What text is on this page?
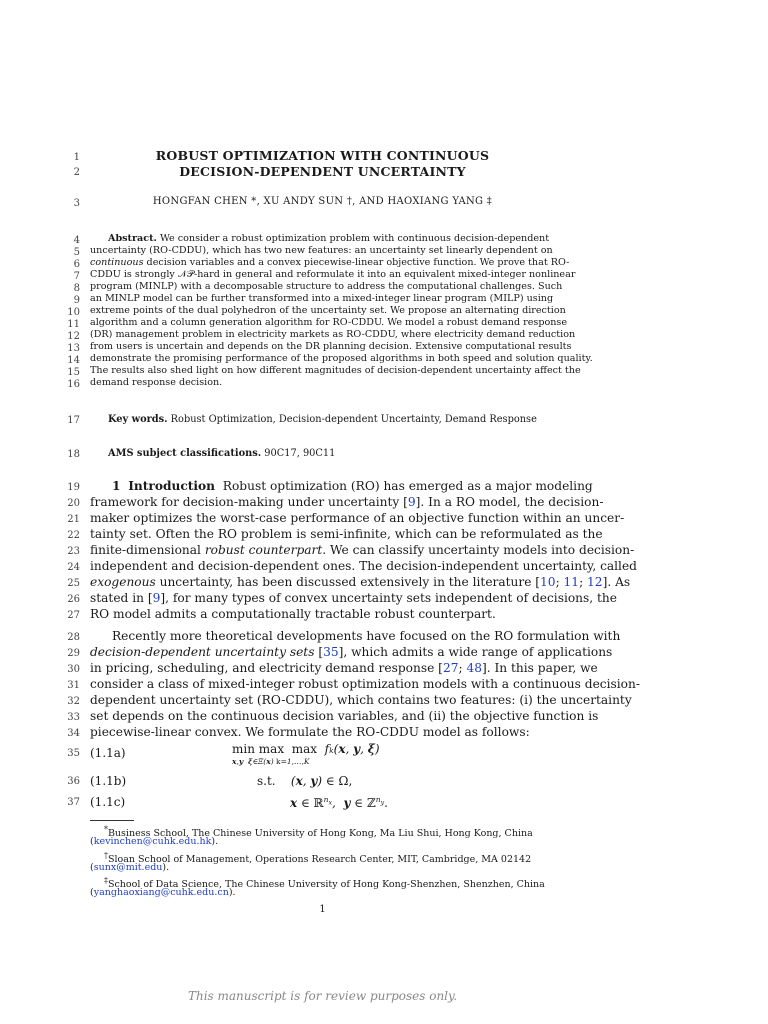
1
2
3
4
5
6
7
8
9
10
11
12
13
14
15
16
17
18
19
20
21
22
23
24
25
26
27
28
29
30
31
32
33
34
35
36
37
ROBUST OPTIMIZATION WITH CONTINUOUS
DECISION-DEPENDENT UNCERTAINTY
HONGFAN CHEN *, XU ANDY SUN †, AND HAOXIANG YANG ‡
Abstract. We consider a robust optimization problem with continuous decision-dependent
uncertainty (RO-CDDU), which has two new features: an uncertainty set linearly dependent on
continuous decision variables and a convex piecewise-linear objective function. We prove that RO-
CDDU is strongly 𝒩𝒫-hard in general and reformulate it into an equivalent mixed-integer nonlinear
program (MINLP) with a decomposable structure to address the computational challenges. Such
an MINLP model can be further transformed into a mixed-integer linear program (MILP) using
extreme points of the dual polyhedron of the uncertainty set. We propose an alternating direction
algorithm and a column generation algorithm for RO-CDDU. We model a robust demand response
(DR) management problem in electricity markets as RO-CDDU, where electricity demand reduction
from users is uncertain and depends on the DR planning decision. Extensive computational results
demonstrate the promising performance of the proposed algorithms in both speed and solution quality.
The results also shed light on how different magnitudes of decision-dependent uncertainty affect the
demand response decision.
Key words. Robust Optimization, Decision-dependent Uncertainty, Demand Response
AMS subject classifications. 90C17, 90C11
1 Introduction Robust optimization (RO) has emerged as a major modeling
framework for decision-making under uncertainty [9]. In a RO model, the decision-
maker optimizes the worst-case performance of an objective function within an uncer-
tainty set. Often the RO problem is semi-infinite, which can be reformulated as the
finite-dimensional robust counterpart. We can classify uncertainty models into decision-
independent and decision-dependent ones. The decision-independent uncertainty, called
exogenous uncertainty, has been discussed extensively in the literature [10; 11; 12]. As
stated in [9], for many types of convex uncertainty sets independent of decisions, the
RO model admits a computationally tractable robust counterpart.
Recently more theoretical developments have focused on the RO formulation with
decision-dependent uncertainty sets [35], which admits a wide range of applications
in pricing, scheduling, and electricity demand response [27; 48]. In this paper, we
consider a class of mixed-integer robust optimization models with a continuous decision-
dependent uncertainty set (RO-CDDU), which contains two features: (i) the uncertainty
set depends on the continuous decision variables, and (ii) the objective function is
piecewise-linear convex. We formulate the RO-CDDU model as follows:
(1.1a)	min max max  fk(x, y, ξ)
x,y ξ∈Ξ(x) k=1,…,K
(1.1b)	s.t.    (x, y) ∈ Ω,
(1.1c)	x ∈ ℝ$^{n_x}$,  y ∈ ℤ$^{n_y}$.
*Business School, The Chinese University of Hong Kong, Ma Liu Shui, Hong Kong, China
(kevinchen@cuhk.edu.hk).
†Sloan School of Management, Operations Research Center, MIT, Cambridge, MA 02142
(sunx@mit.edu).
‡School of Data Science, The Chinese University of Hong Kong-Shenzhen, Shenzhen, China
(yanghaoxiang@cuhk.edu.cn).
1
This manuscript is for review purposes only.
